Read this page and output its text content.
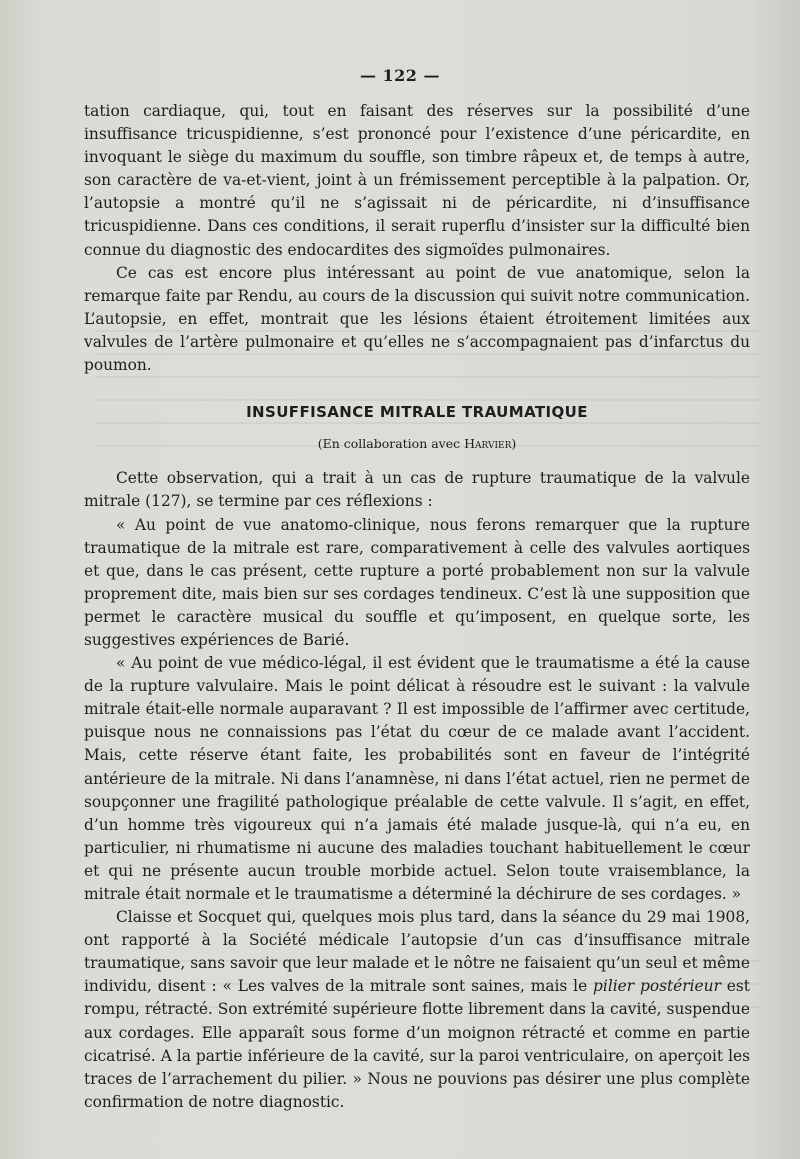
— 122 —

tation cardiaque, qui, tout en faisant des réserves sur la possibilité d’une insuffisance tricuspidienne, s’est prononcé pour l’existence d’une péricardite, en invoquant le siège du maximum du souffle, son timbre râpeux et, de temps à autre, son caractère de va-et-vient, joint à un frémissement perceptible à la palpation. Or, l’autopsie a montré qu’il ne s’agissait ni de péricardite, ni d’insuffisance tricuspidienne. Dans ces conditions, il serait ruperflu d’insister sur la difficulté bien connue du diagnostic des endocardites des sigmoïdes pulmonaires.

Ce cas est encore plus intéressant au point de vue anatomique, selon la remarque faite par Rendu, au cours de la discussion qui suivit notre communication. L’autopsie, en effet, montrait que les lésions étaient étroitement limitées aux valvules de l’artère pulmonaire et qu’elles ne s’accompagnaient pas d’infarctus du poumon.

INSUFFISANCE MITRALE TRAUMATIQUE
(En collaboration avec Harvier)

Cette observation, qui a trait à un cas de rupture traumatique de la valvule mitrale (127), se termine par ces réflexions :

« Au point de vue anatomo-clinique, nous ferons remarquer que la rupture traumatique de la mitrale est rare, comparativement à celle des valvules aortiques et que, dans le cas présent, cette rupture a porté probablement non sur la valvule proprement dite, mais bien sur ses cordages tendineux. C’est là une supposition que permet le caractère musical du souffle et qu’imposent, en quelque sorte, les suggestives expériences de Barié.

« Au point de vue médico-légal, il est évident que le traumatisme a été la cause de la rupture valvulaire. Mais le point délicat à résoudre est le suivant : la valvule mitrale était-elle normale auparavant ? Il est impossible de l’affirmer avec certitude, puisque nous ne connaissions pas l’état du cœur de ce malade avant l’accident. Mais, cette réserve étant faite, les probabilités sont en faveur de l’intégrité antérieure de la mitrale. Ni dans l’anamnèse, ni dans l’état actuel, rien ne permet de soupçonner une fragilité pathologique préalable de cette valvule. Il s’agit, en effet, d’un homme très vigoureux qui n’a jamais été malade jusque-là, qui n’a eu, en particulier, ni rhumatisme ni aucune des maladies touchant habituellement le cœur et qui ne présente aucun trouble morbide actuel. Selon toute vraisemblance, la mitrale était normale et le traumatisme a déterminé la déchirure de ses cordages. »

Claisse et Socquet qui, quelques mois plus tard, dans la séance du 29 mai 1908, ont rapporté à la Société médicale l’autopsie d’un cas d’insuffisance mitrale traumatique, sans savoir que leur malade et le nôtre ne faisaient qu’un seul et même individu, disent : « Les valves de la mitrale sont saines, mais le pilier postérieur est rompu, rétracté. Son extrémité supérieure flotte librement dans la cavité, suspendue aux cordages. Elle apparaît sous forme d’un moignon rétracté et comme en partie cicatrisé. A la partie inférieure de la cavité, sur la paroi ventriculaire, on aperçoit les traces de l’arrachement du pilier. » Nous ne pouvions pas désirer une plus complète confirmation de notre diagnostic.
